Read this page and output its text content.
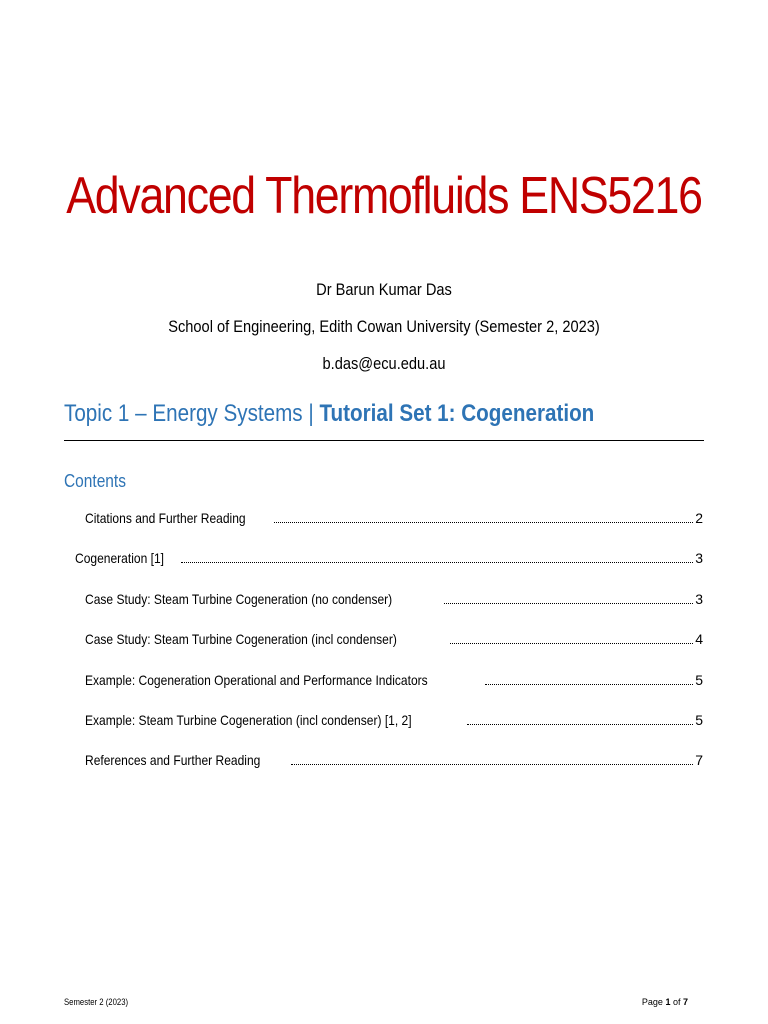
Advanced Thermofluids ENS5216
Dr Barun Kumar Das
School of Engineering, Edith Cowan University (Semester 2, 2023)
b.das@ecu.edu.au
Topic 1 – Energy Systems | Tutorial Set 1: Cogeneration
Contents
Citations and Further Reading	2
Cogeneration [1]	3
Case Study: Steam Turbine Cogeneration (no condenser)	3
Case Study: Steam Turbine Cogeneration (incl condenser)	4
Example: Cogeneration Operational and Performance Indicators	5
Example: Steam Turbine Cogeneration (incl condenser) [1, 2]	5
References and Further Reading	7
Semester 2 (2023)	Page 1 of 7
